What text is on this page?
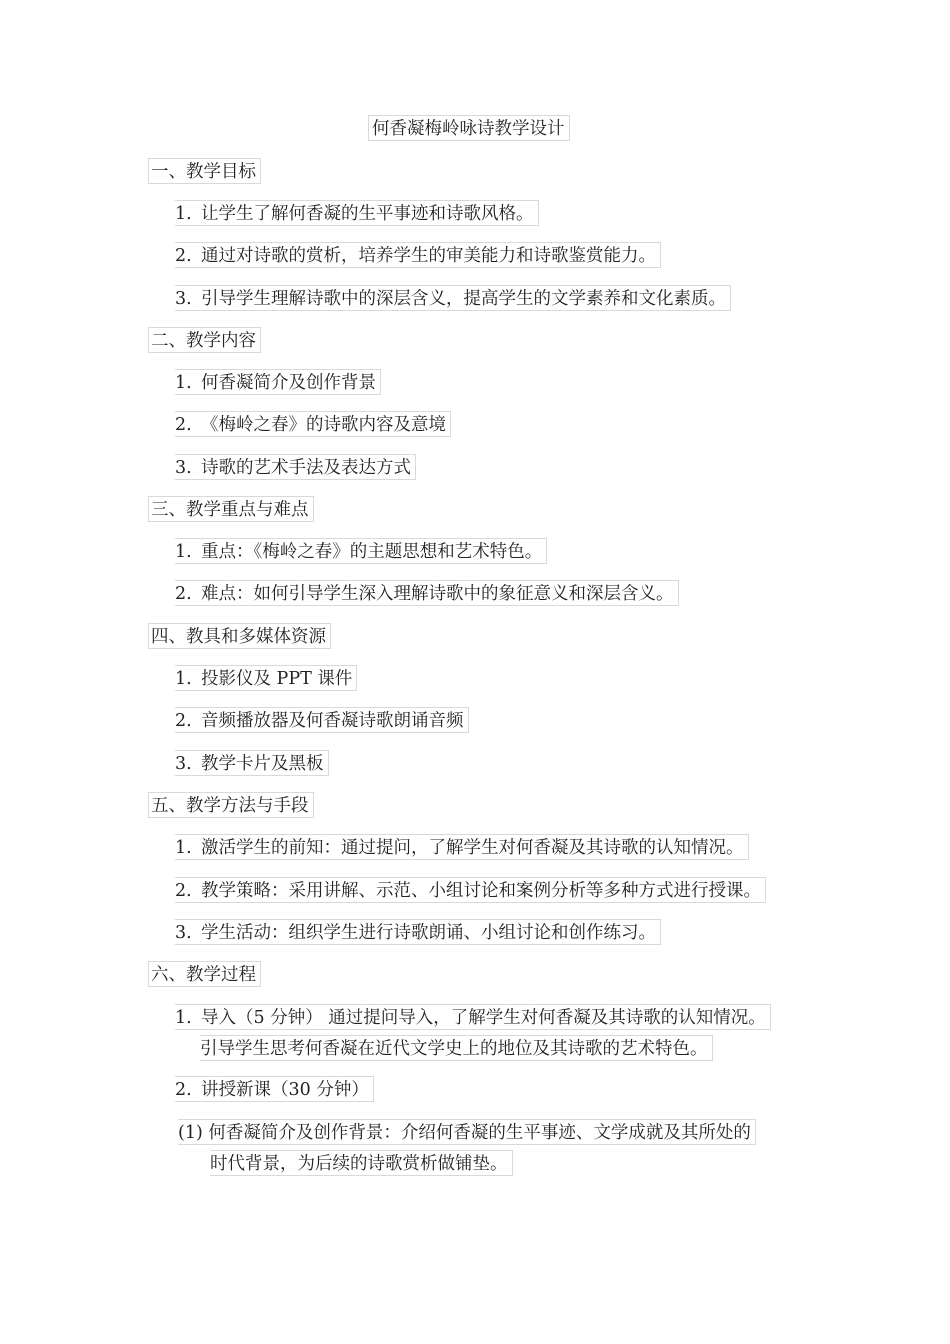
何香凝梅岭咏诗教学设计
一、教学目标
1. 让学生了解何香凝的生平事迹和诗歌风格。
2. 通过对诗歌的赏析，培养学生的审美能力和诗歌鉴赏能力。
3. 引导学生理解诗歌中的深层含义，提高学生的文学素养和文化素质。
二、教学内容
1. 何香凝简介及创作背景
2. 《梅岭之春》的诗歌内容及意境
3. 诗歌的艺术手法及表达方式
三、教学重点与难点
1. 重点：《梅岭之春》的主题思想和艺术特色。
2. 难点：如何引导学生深入理解诗歌中的象征意义和深层含义。
四、教具和多媒体资源
1. 投影仪及 PPT 课件
2. 音频播放器及何香凝诗歌朗诵音频
3. 教学卡片及黑板
五、教学方法与手段
1. 激活学生的前知：通过提问，了解学生对何香凝及其诗歌的认知情况。
2. 教学策略：采用讲解、示范、小组讨论和案例分析等多种方式进行授课。
3. 学生活动：组织学生进行诗歌朗诵、小组讨论和创作练习。
六、教学过程
1. 导入（5 分钟） 通过提问导入，了解学生对何香凝及其诗歌的认知情况。
引导学生思考何香凝在近代文学史上的地位及其诗歌的艺术特色。
2. 讲授新课（30 分钟）
(1) 何香凝简介及创作背景：介绍何香凝的生平事迹、文学成就及其所处的
时代背景，为后续的诗歌赏析做铺垫。
